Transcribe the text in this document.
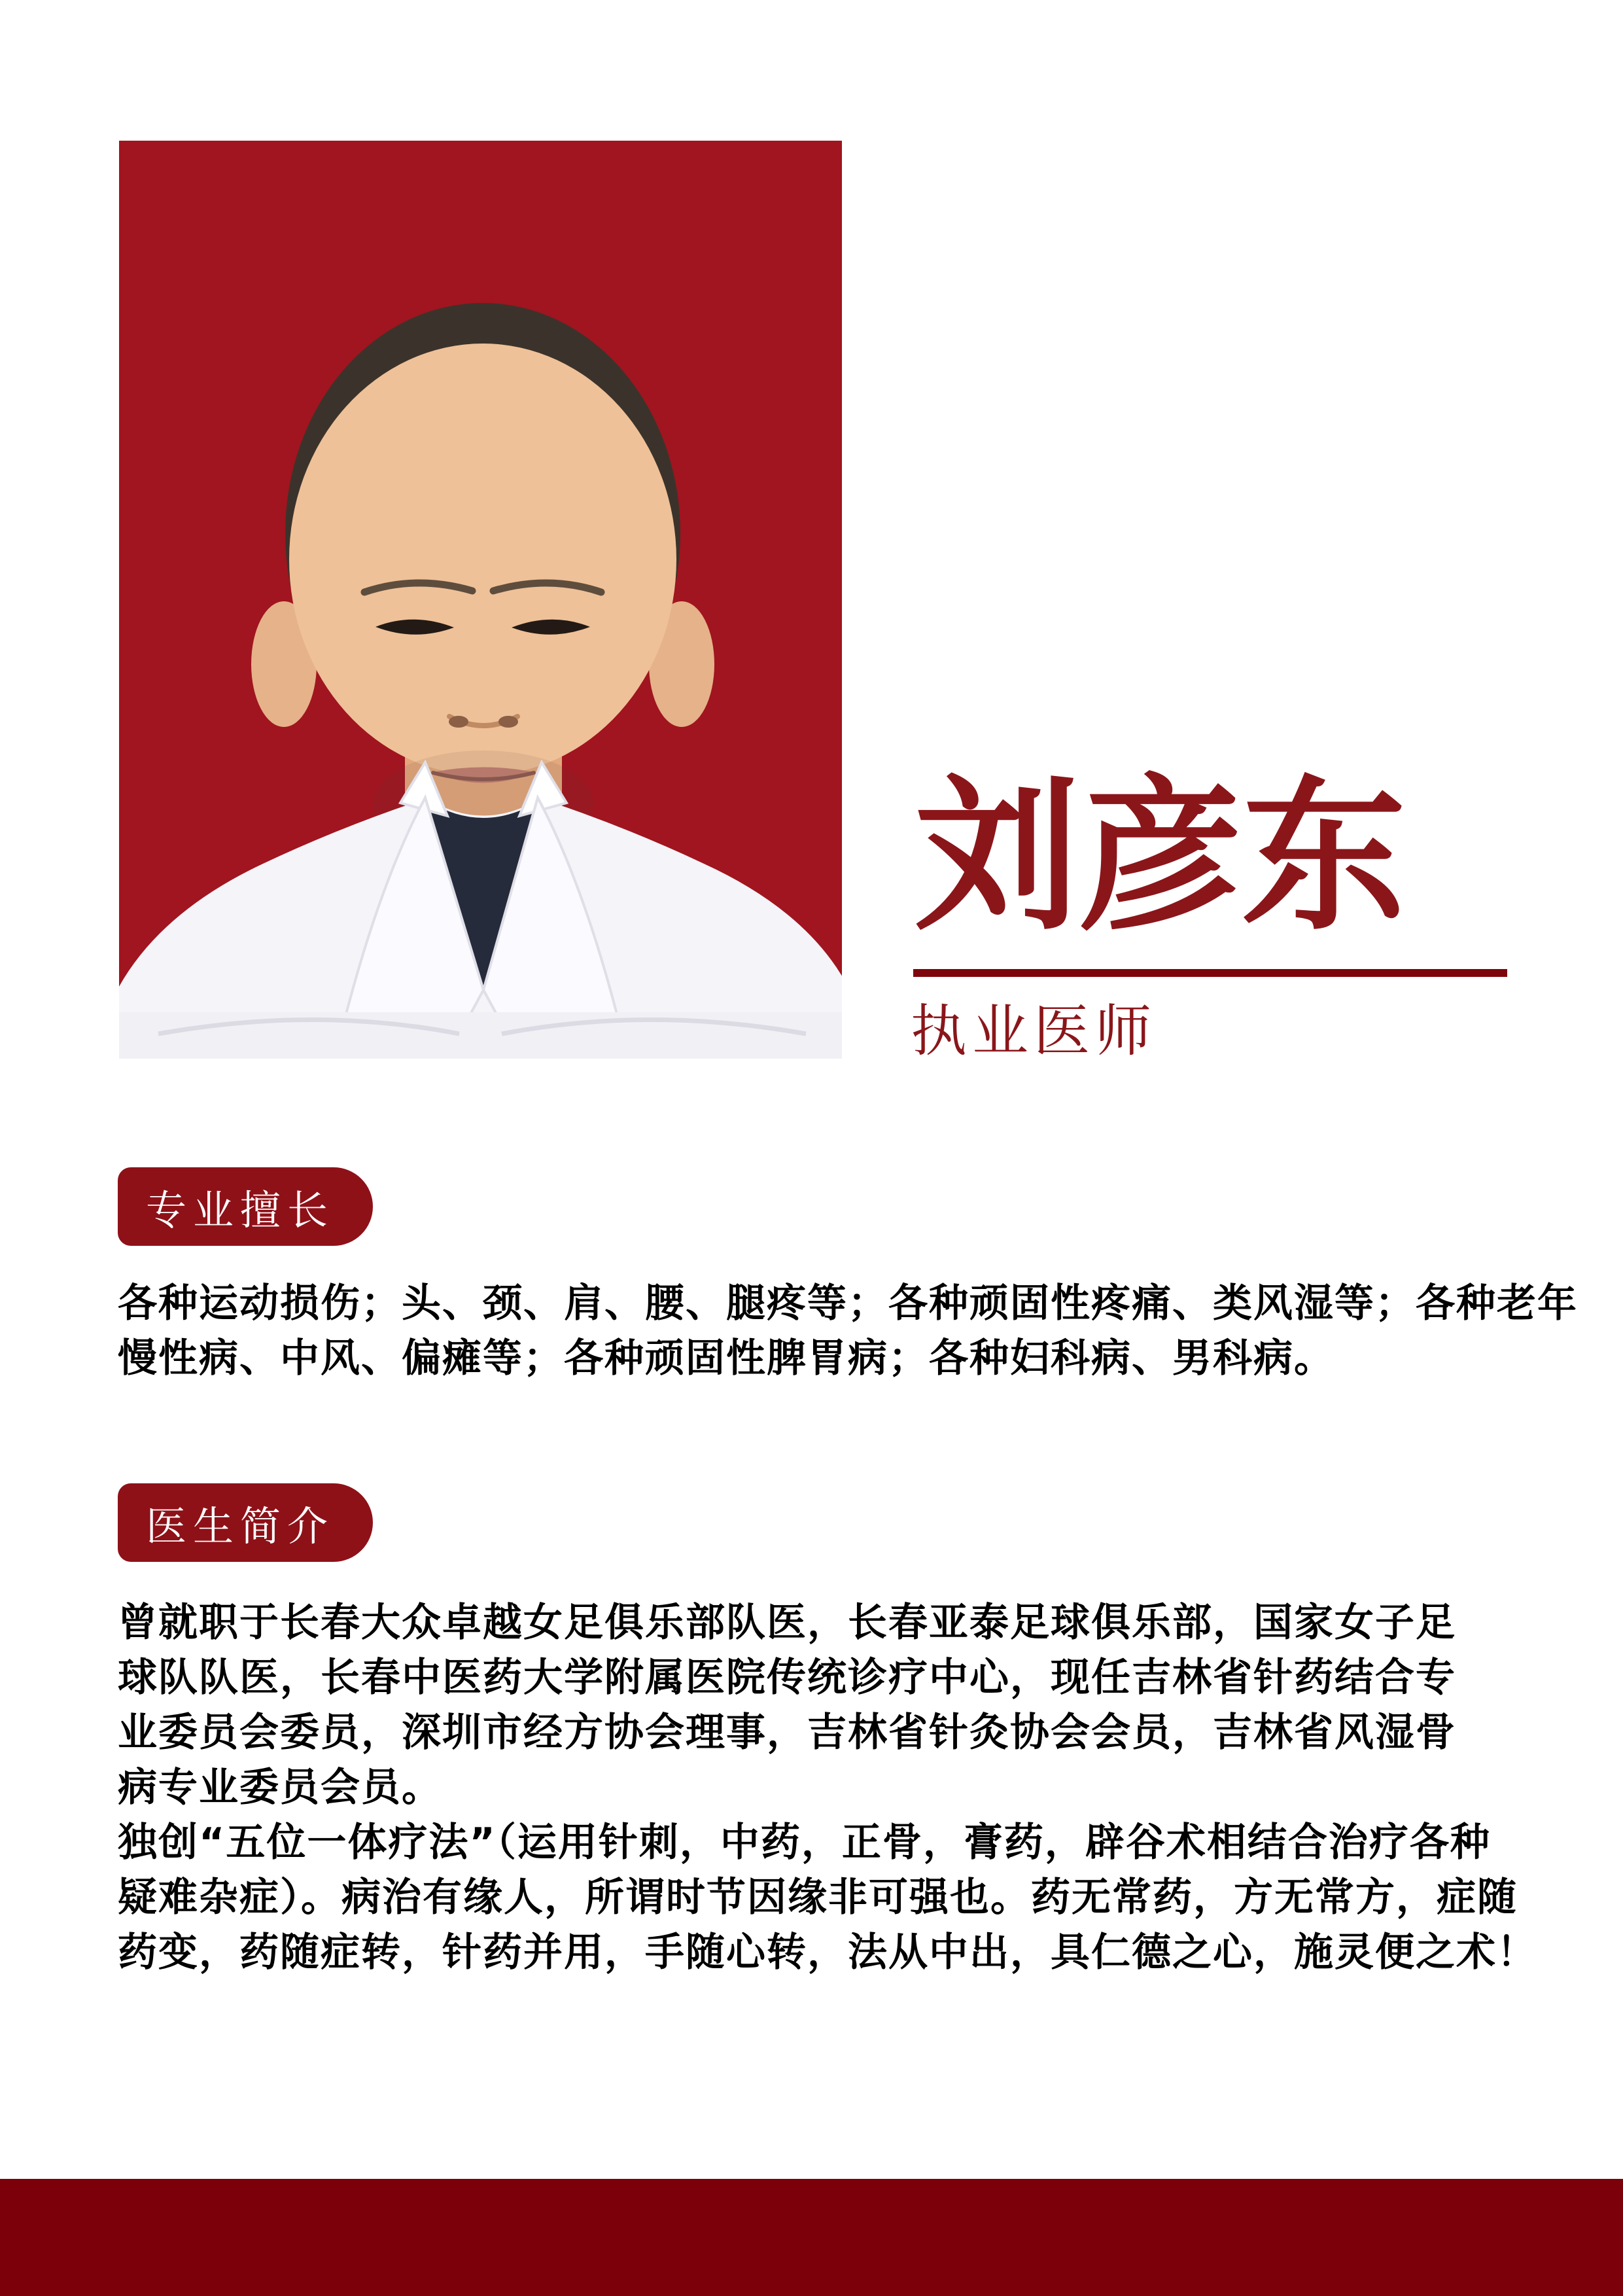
刘彦东
执业医师
专业擅长
各种运动损伤；头、颈、肩、腰、腿疼等；各种顽固性疼痛、类风湿等；各种老年
慢性病、中风、偏瘫等；各种顽固性脾胃病；各种妇科病、男科病。
医生简介
曾就职于长春大众卓越女足俱乐部队医，长春亚泰足球俱乐部，国家女子足
球队队医，长春中医药大学附属医院传统诊疗中心，现任吉林省针药结合专
业委员会委员，深圳市经方协会理事，吉林省针灸协会会员，吉林省风湿骨
病专业委员会员。
独创“五位一体疗法”（运用针刺，中药，正骨，膏药，辟谷术相结合治疗各种
疑难杂症）。病治有缘人，所谓时节因缘非可强也。药无常药，方无常方，症随
药变，药随症转，针药并用，手随心转，法从中出，具仁德之心，施灵便之术！
